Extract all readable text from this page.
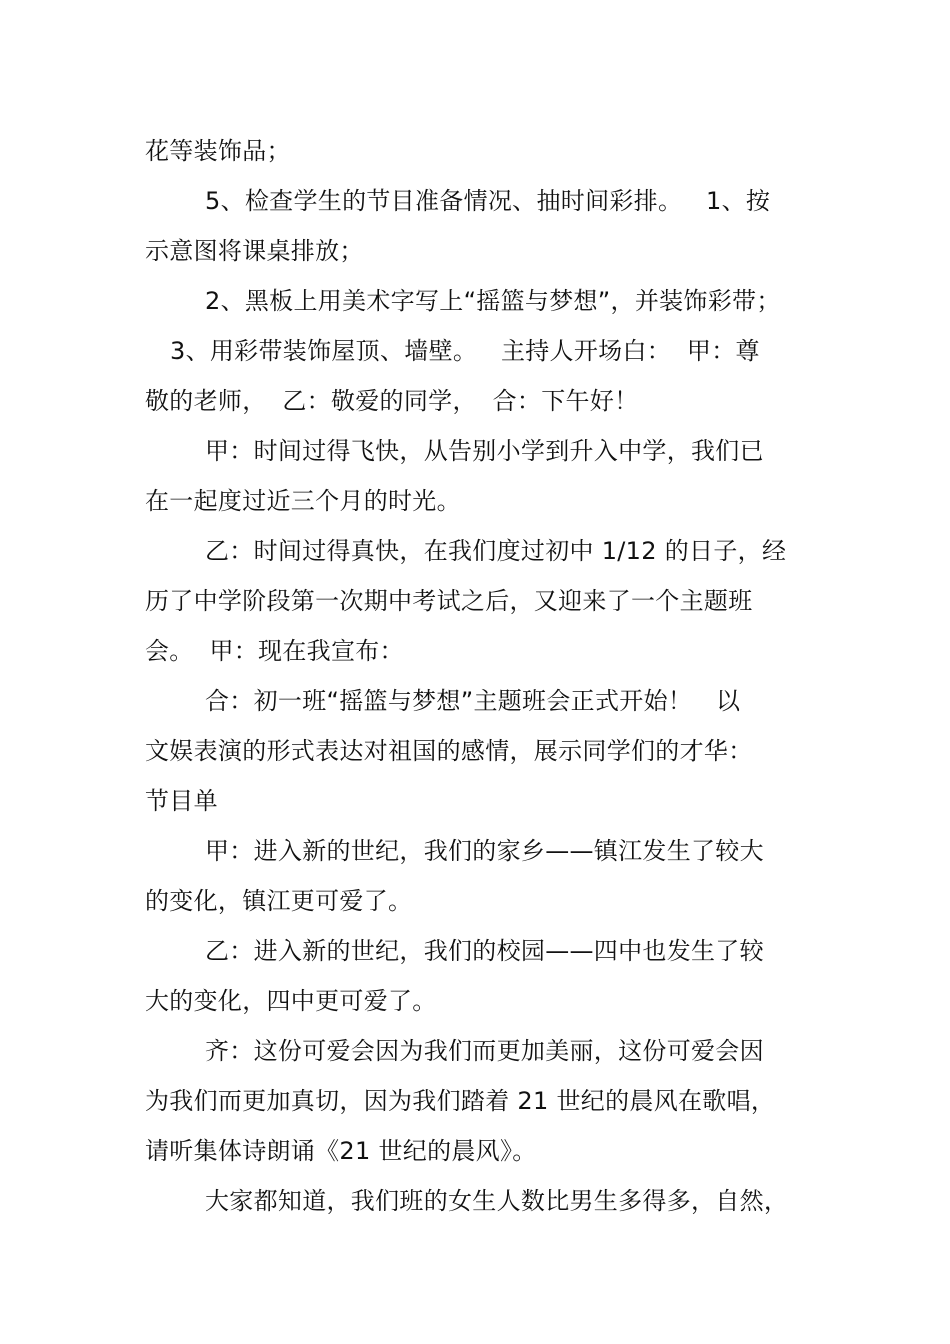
花等装饰品；
5、检查学生的节目准备情况、抽时间彩排。   1、按
示意图将课桌排放；
2、黑板上用美术字写上“摇篮与梦想”，并装饰彩带；
3、用彩带装饰屋顶、墙壁。   主持人开场白：  甲：尊
敬的老师，  乙：敬爱的同学，  合：下午好！
甲：时间过得飞快，从告别小学到升入中学，我们已
在一起度过近三个月的时光。
乙：时间过得真快，在我们度过初中 1/12 的日子，经
历了中学阶段第一次期中考试之后，又迎来了一个主题班
会。  甲：现在我宣布：
合：初一班“摇篮与梦想”主题班会正式开始！   以
文娱表演的形式表达对祖国的感情，展示同学们的才华：
节目单
甲：进入新的世纪，我们的家乡——镇江发生了较大
的变化，镇江更可爱了。
乙：进入新的世纪，我们的校园——四中也发生了较
大的变化，四中更可爱了。
齐：这份可爱会因为我们而更加美丽，这份可爱会因
为我们而更加真切，因为我们踏着 21 世纪的晨风在歌唱，
请听集体诗朗诵《21 世纪的晨风》。
大家都知道，我们班的女生人数比男生多得多，自然，
